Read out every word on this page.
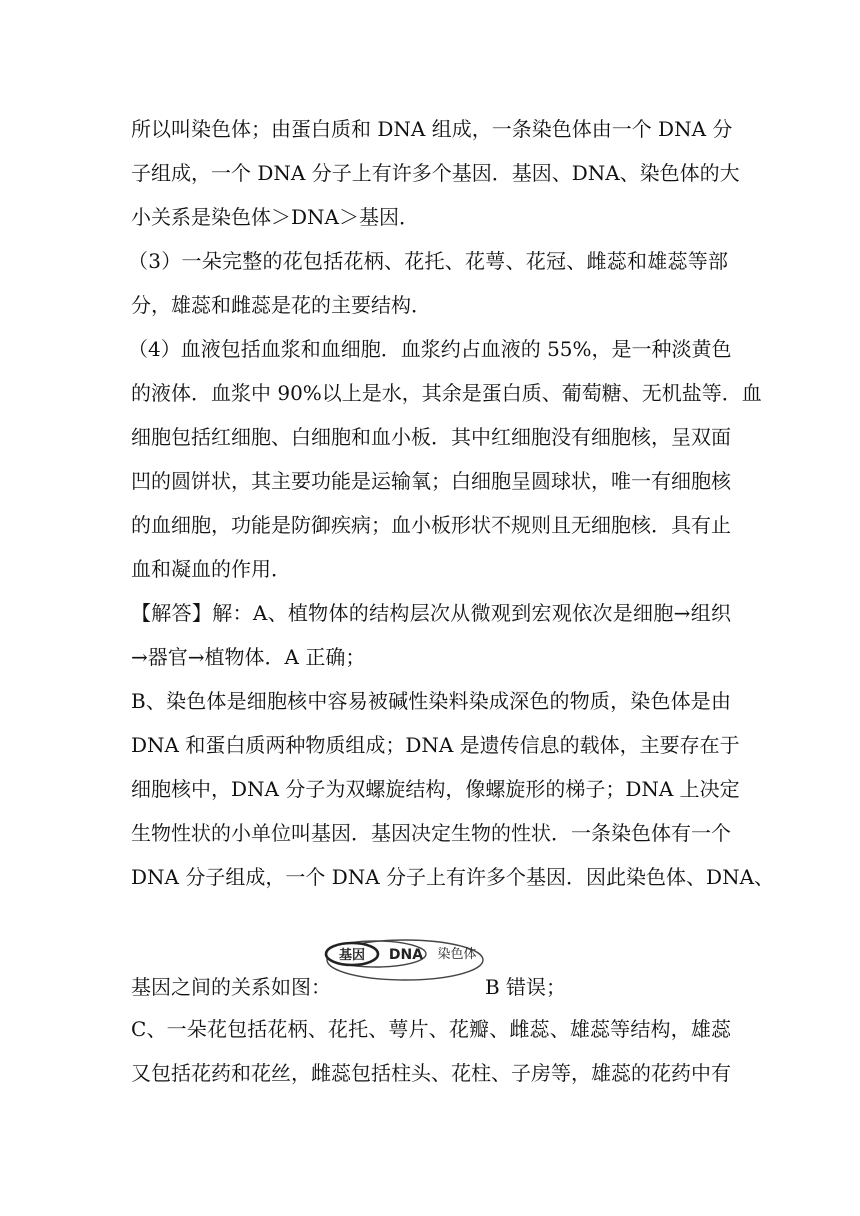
所以叫染色体；由蛋白质和 DNA 组成，一条染色体由一个 DNA 分
子组成，一个 DNA 分子上有许多个基因．基因、DNA、染色体的大
小关系是染色体＞DNA＞基因．
（3）一朵完整的花包括花柄、花托、花萼、花冠、雌蕊和雄蕊等部
分，雄蕊和雌蕊是花的主要结构．
（4）血液包括血浆和血细胞．血浆约占血液的 55%，是一种淡黄色
的液体．血浆中 90%以上是水，其余是蛋白质、葡萄糖、无机盐等．血
细胞包括红细胞、白细胞和血小板．其中红细胞没有细胞核，呈双面
凹的圆饼状，其主要功能是运输氧；白细胞呈圆球状，唯一有细胞核
的血细胞，功能是防御疾病；血小板形状不规则且无细胞核．具有止
血和凝血的作用．
【解答】解：A、植物体的结构层次从微观到宏观依次是细胞→组织
→器官→植物体．A 正确；
B、染色体是细胞核中容易被碱性染料染成深色的物质，染色体是由
DNA 和蛋白质两种物质组成；DNA 是遗传信息的载体，主要存在于
细胞核中，DNA 分子为双螺旋结构，像螺旋形的梯子；DNA 上决定
生物性状的小单位叫基因．基因决定生物的性状．一条染色体有一个
DNA 分子组成，一个 DNA 分子上有许多个基因．因此染色体、DNA、
基因之间的关系如图：
基因 DNA 染色体
B 错误；
C、一朵花包括花柄、花托、萼片、花瓣、雌蕊、雄蕊等结构，雄蕊
又包括花药和花丝，雌蕊包括柱头、花柱、子房等，雄蕊的花药中有
